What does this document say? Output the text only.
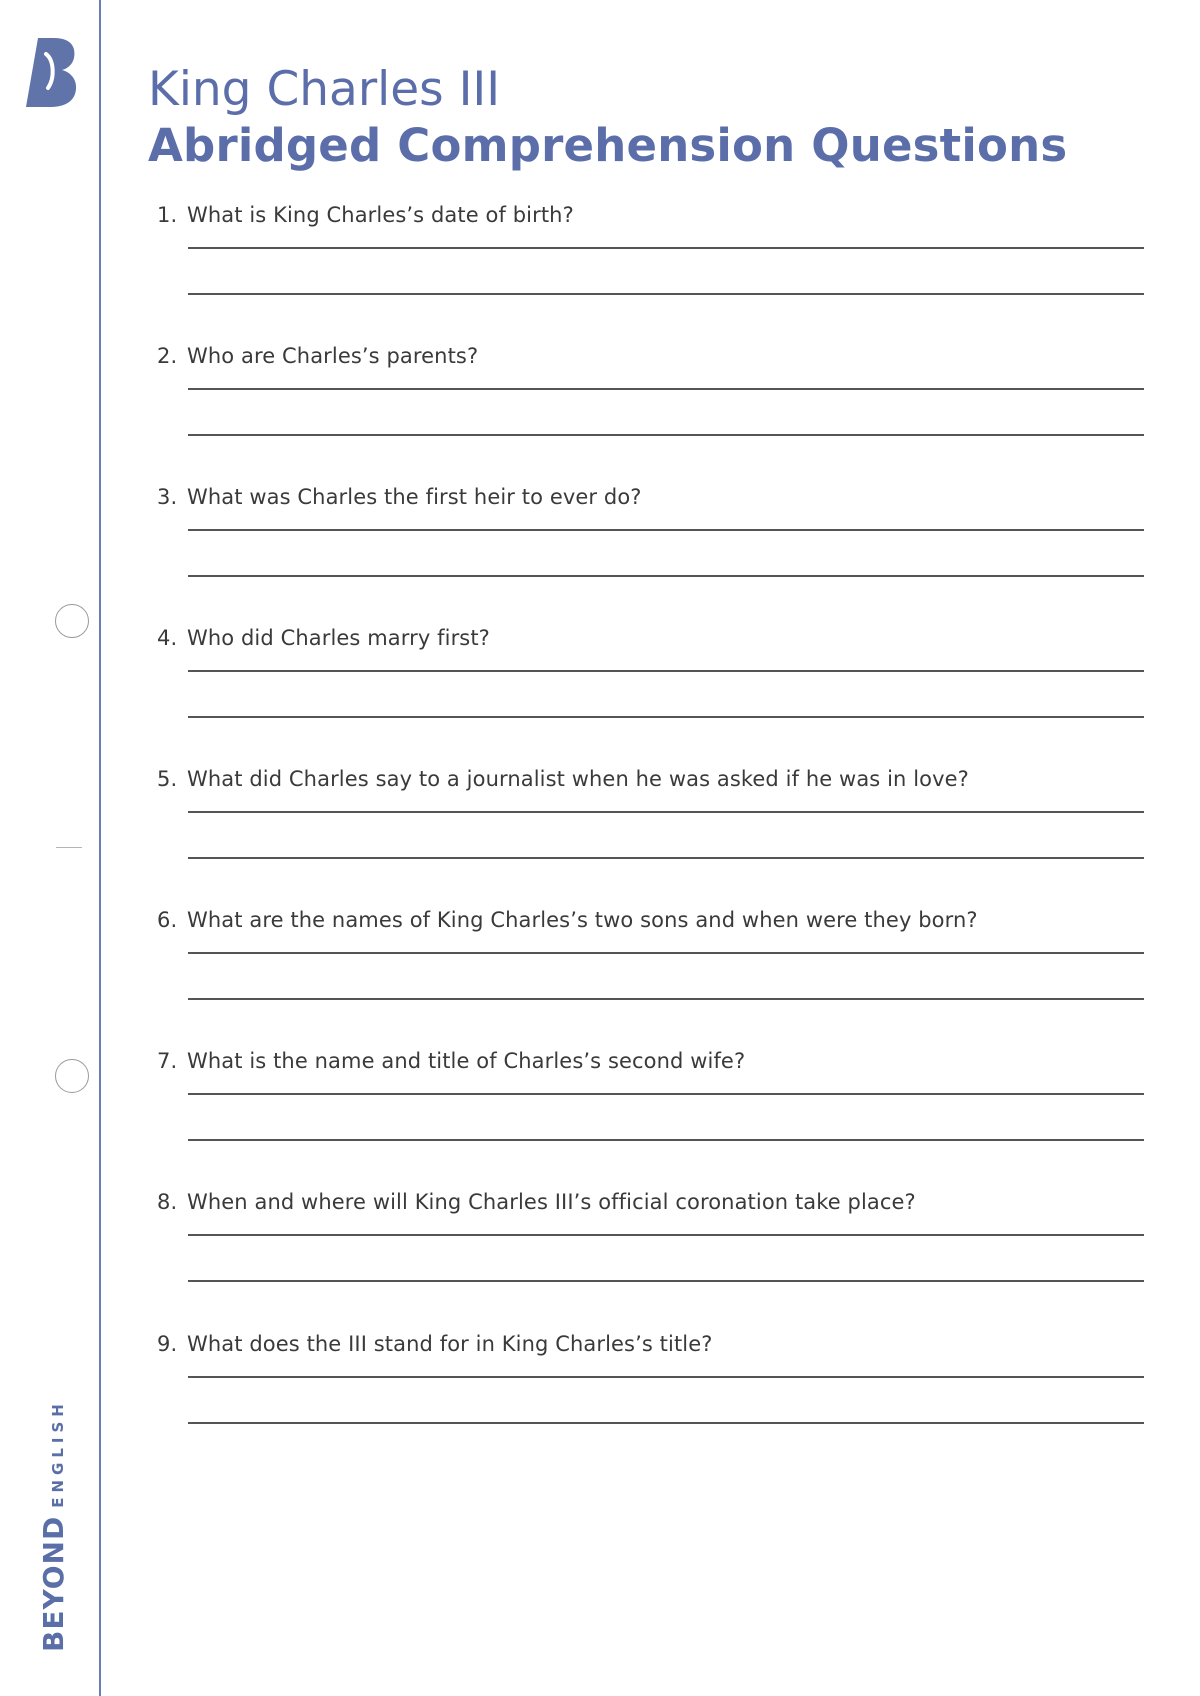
BEYOND
ENGLISH
King Charles III
Abridged Comprehension Questions
1. What is King Charles’s date of birth?
2. Who are Charles’s parents?
3. What was Charles the first heir to ever do?
4. Who did Charles marry first?
5. What did Charles say to a journalist when he was asked if he was in love?
6. What are the names of King Charles’s two sons and when were they born?
7. What is the name and title of Charles’s second wife?
8. When and where will King Charles III’s official coronation take place?
9. What does the III stand for in King Charles’s title?
